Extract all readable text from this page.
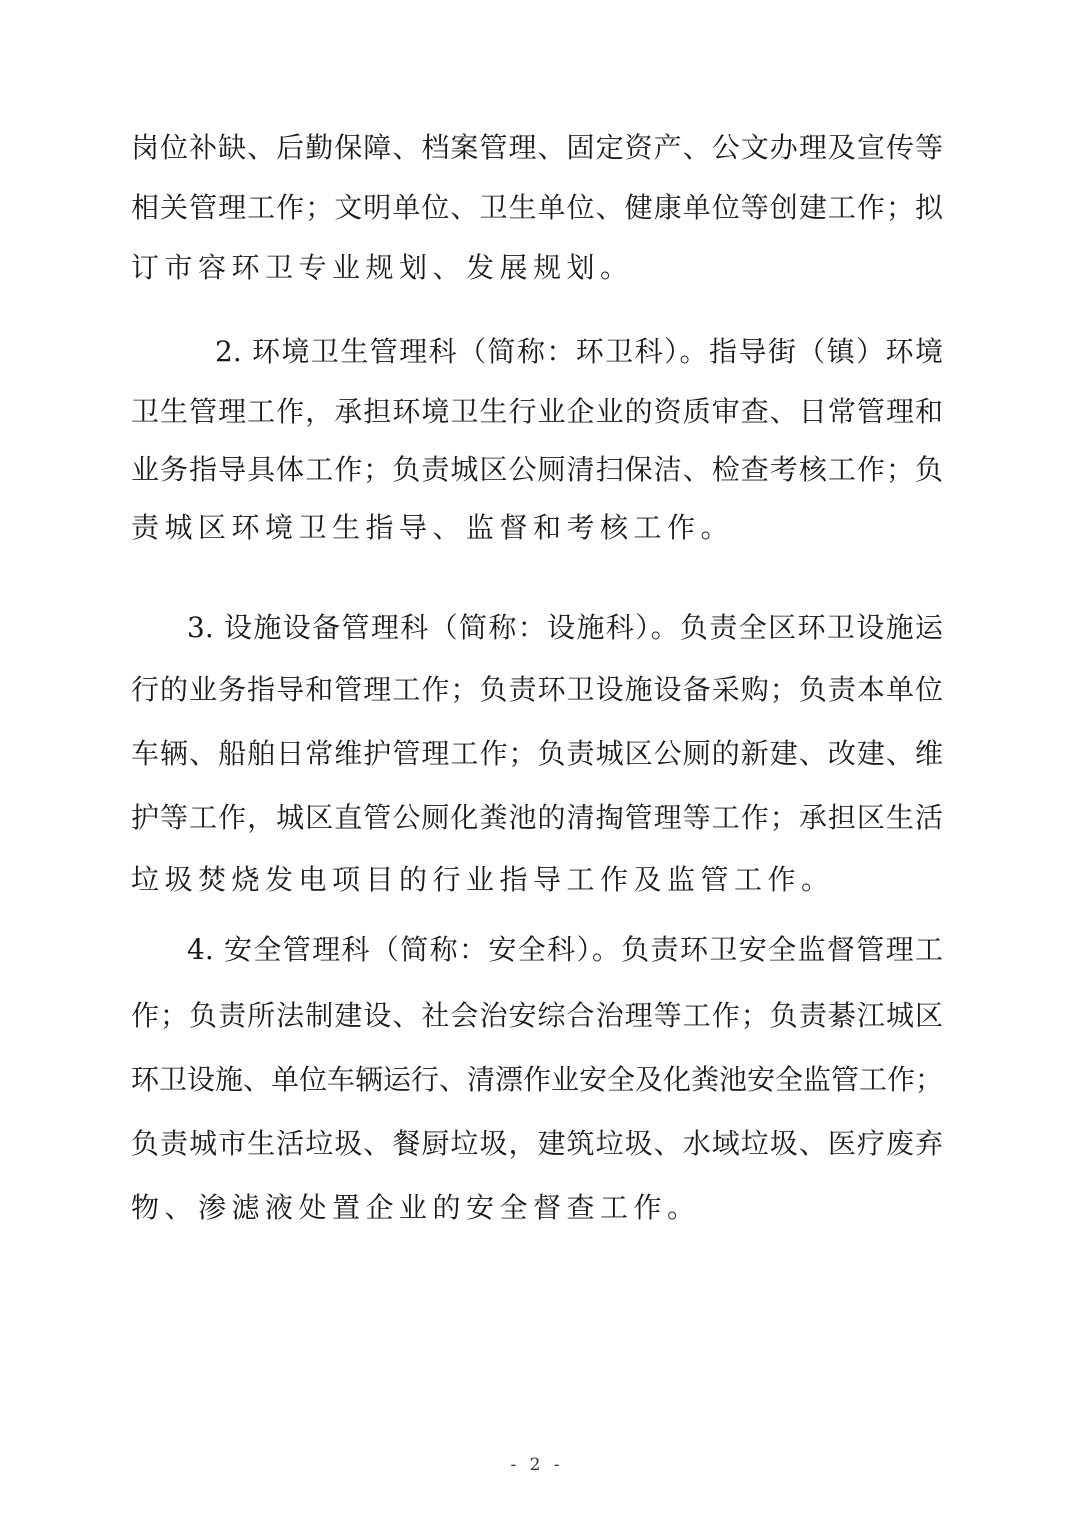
岗位补缺、后勤保障、档案管理、固定资产、公文办理及宣传等
相关管理工作；文明单位、卫生单位、健康单位等创建工作；拟
订市容环卫专业规划、发展规划。
2. 环境卫生管理科（简称：环卫科）。指导街（镇）环境
卫生管理工作，承担环境卫生行业企业的资质审查、日常管理和
业务指导具体工作；负责城区公厕清扫保洁、检查考核工作；负
责城区环境卫生指导、监督和考核工作。
3. 设施设备管理科（简称：设施科）。负责全区环卫设施运
行的业务指导和管理工作；负责环卫设施设备采购；负责本单位
车辆、船舶日常维护管理工作；负责城区公厕的新建、改建、维
护等工作，城区直管公厕化粪池的清掏管理等工作；承担区生活
垃圾焚烧发电项目的行业指导工作及监管工作。
4. 安全管理科（简称：安全科）。负责环卫安全监督管理工
作；负责所法制建设、社会治安综合治理等工作；负责綦江城区
环卫设施、单位车辆运行、清漂作业安全及化粪池安全监管工作；
负责城市生活垃圾、餐厨垃圾，建筑垃圾、水域垃圾、医疗废弃
物、渗滤液处置企业的安全督查工作。
- 2 -
